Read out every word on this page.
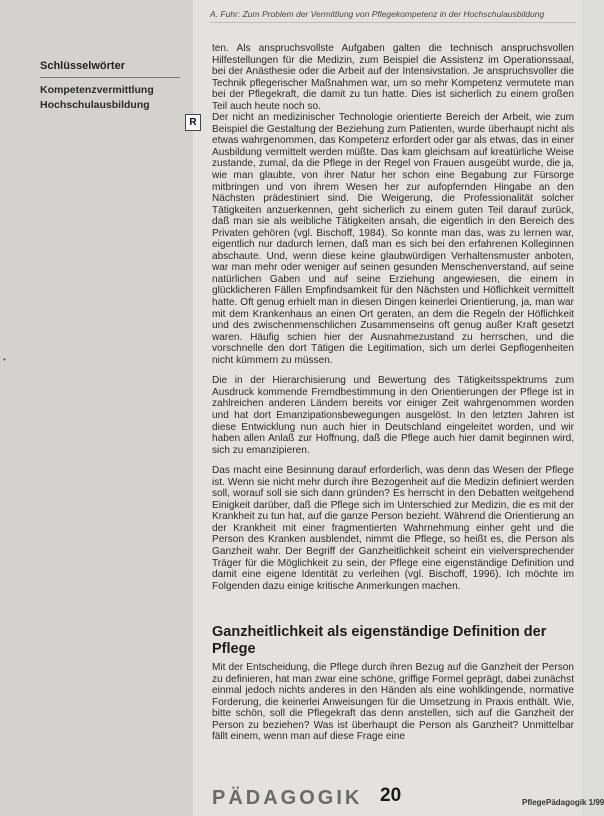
A. Fuhr: Zum Problem der Vermittlung von Pflegekompetenz in der Hochschulausbildung
Schlüsselwörter
Kompetenzvermittlung
Hochschulausbildung
R
•

ten. Als anspruchsvollste Aufgaben galten die technisch anspruchsvollen Hilfestellungen für die Medizin, zum Beispiel die Assistenz im Operationssaal, bei der Anästhesie oder die Arbeit auf der Intensivstation. Je anspruchsvoller die Technik pflegerischer Maßnahmen war, um so mehr Kompetenz vermutete man bei der Pflegekraft, die damit zu tun hatte. Dies ist sicherlich zu einem großen Teil auch heute noch so.

Der nicht an medizinischer Technologie orientierte Bereich der Arbeit, wie zum Beispiel die Gestaltung der Beziehung zum Patienten, wurde überhaupt nicht als etwas wahrgenommen, das Kompetenz erfordert oder gar als etwas, das in einer Ausbildung vermittelt werden müßte. Das kam gleichsam auf kreatürliche Weise zustande, zumal, da die Pflege in der Regel von Frauen ausgeübt wurde, die ja, wie man glaubte, von ihrer Natur her schon eine Begabung zur Fürsorge mitbringen und von ihrem Wesen her zur aufopfernden Hingabe an den Nächsten prädestiniert sind. Die Weigerung, die Professionalität solcher Tätigkeiten anzuerkennen, geht sicherlich zu einem guten Teil darauf zurück, daß man sie als weibliche Tätigkeiten ansah, die eigentlich in den Bereich des Privaten gehören (vgl. Bischoff, 1984). So konnte man das, was zu lernen war, eigentlich nur dadurch lernen, daß man es sich bei den erfahrenen Kolleginnen abschaute. Und, wenn diese keine glaubwürdigen Verhaltensmuster anboten, war man mehr oder weniger auf seinen gesunden Menschenverstand, auf seine natürlichen Gaben und auf seine Erziehung angewiesen, die einem in glücklicheren Fällen Empfindsamkeit für den Nächsten und Höflichkeit vermittelt hatte. Oft genug erhielt man in diesen Dingen keinerlei Orientierung, ja, man war mit dem Krankenhaus an einen Ort geraten, an dem die Regeln der Höflichkeit und des zwischenmenschlichen Zusammenseins oft genug außer Kraft gesetzt waren. Häufig schien hier der Ausnahmezustand zu herrschen, und die vorschnelle den dort Tätigen die Legitimation, sich um derlei Gepflogenheiten nicht kümmern zu müssen.

Die in der Hierarchisierung und Bewertung des Tätigkeitsspektrums zum Ausdruck kommende Fremdbestimmung in den Orientierungen der Pflege ist in zahlreichen anderen Ländern bereits vor einiger Zeit wahrgenommen worden und hat dort Emanzipationsbewegungen ausgelöst. In den letzten Jahren ist diese Entwicklung nun auch hier in Deutschland eingeleitet worden, und wir haben allen Anlaß zur Hoffnung, daß die Pflege auch hier damit beginnen wird, sich zu emanzipieren.

Das macht eine Besinnung darauf erforderlich, was denn das Wesen der Pflege ist. Wenn sie nicht mehr durch ihre Bezogenheit auf die Medizin definiert werden soll, worauf soll sie sich dann gründen? Es herrscht in den Debatten weitgehend Einigkeit darüber, daß die Pflege sich im Unterschied zur Medizin, die es mit der Krankheit zu tun hat, auf die ganze Person bezieht. Während die Orientierung an der Krankheit mit einer fragmentierten Wahrnehmung einher geht und die Person des Kranken ausblendet, nimmt die Pflege, so heißt es, die Person als Ganzheit wahr. Der Begriff der Ganzheitlichkeit scheint ein vielversprechender Träger für die Möglichkeit zu sein, der Pflege eine eigenständige Definition und damit eine eigene Identität zu verleihen (vgl. Bischoff, 1996). Ich möchte im Folgenden dazu einige kritische Anmerkungen machen.

Ganzheitlichkeit als eigenständige Definition der Pflege

Mit der Entscheidung, die Pflege durch ihren Bezug auf die Ganzheit der Person zu definieren, hat man zwar eine schöne, griffige Formel geprägt, dabei zunächst einmal jedoch nichts anderes in den Händen als eine wohlklingende, normative Forderung, die keinerlei Anweisungen für die Umsetzung in Praxis enthält. Wie, bitte schön, soll die Pflegekraft das denn anstellen, sich auf die Ganzheit der Person zu beziehen? Was ist überhaupt die Person als Ganzheit? Unmittelbar fällt einem, wenn man auf diese Frage eine

PÄDAGOGIK 20	PflegePädagogik 1/99
